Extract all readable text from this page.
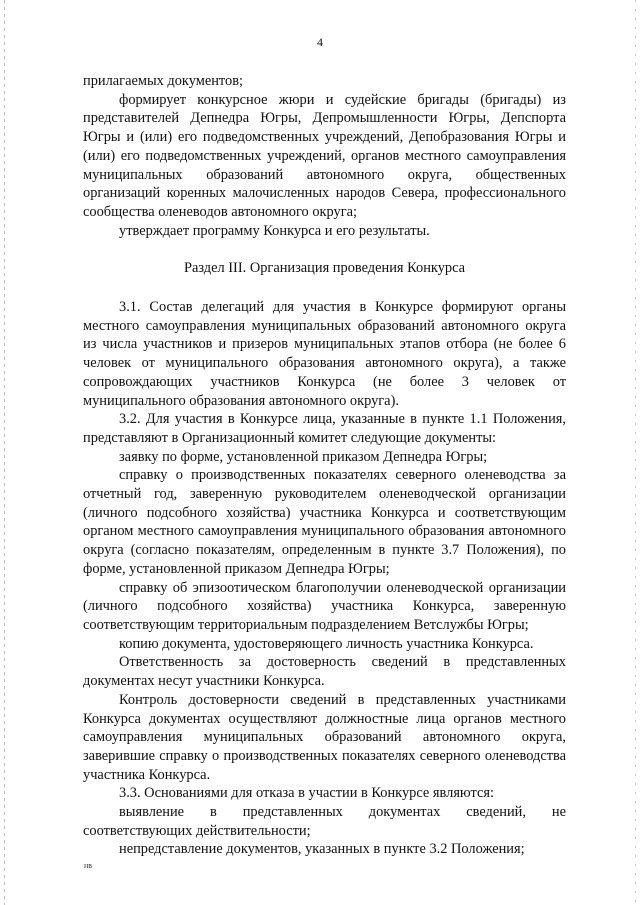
4

прилагаемых документов;

формирует конкурсное жюри и судейские бригады (бригады) из представителей Депнедра Югры, Депромышленности Югры, Депспорта Югры и (или) его подведомственных учреждений, Депобразования Югры и (или) его подведомственных учреждений, органов местного самоуправления муниципальных образований автономного округа, общественных организаций коренных малочисленных народов Севера, профессионального сообщества оленеводов автономного округа;

утверждает программу Конкурса и его результаты.

Раздел III. Организация проведения Конкурса

3.1. Состав делегаций для участия в Конкурсе формируют органы местного самоуправления муниципальных образований автономного округа из числа участников и призеров муниципальных этапов отбора (не более 6 человек от муниципального образования автономного округа), а также сопровождающих участников Конкурса (не более 3 человек от муниципального образования автономного округа).

3.2. Для участия в Конкурсе лица, указанные в пункте 1.1 Положения, представляют в Организационный комитет следующие документы:

заявку по форме, установленной приказом Депнедра Югры;

справку о производственных показателях северного оленеводства за отчетный год, заверенную руководителем оленеводческой организации (личного подсобного хозяйства) участника Конкурса и соответствующим органом местного самоуправления муниципального образования автономного округа (согласно показателям, определенным в пункте 3.7 Положения), по форме, установленной приказом Депнедра Югры;

справку об эпизоотическом благополучии оленеводческой организации (личного подсобного хозяйства) участника Конкурса, заверенную соответствующим территориальным подразделением Ветслужбы Югры;

копию документа, удостоверяющего личность участника Конкурса.

Ответственность за достоверность сведений в представленных документах несут участники Конкурса.

Контроль достоверности сведений в представленных участниками Конкурса документах осуществляют должностные лица органов местного самоуправления муниципальных образований автономного округа, заверившие справку о производственных показателях северного оленеводства участника Конкурса.

3.3. Основаниями для отказа в участии в Конкурсе являются:

выявление в представленных документах сведений, не соответствующих действительности;

непредставление документов, указанных в пункте 3.2 Положения;

нв
